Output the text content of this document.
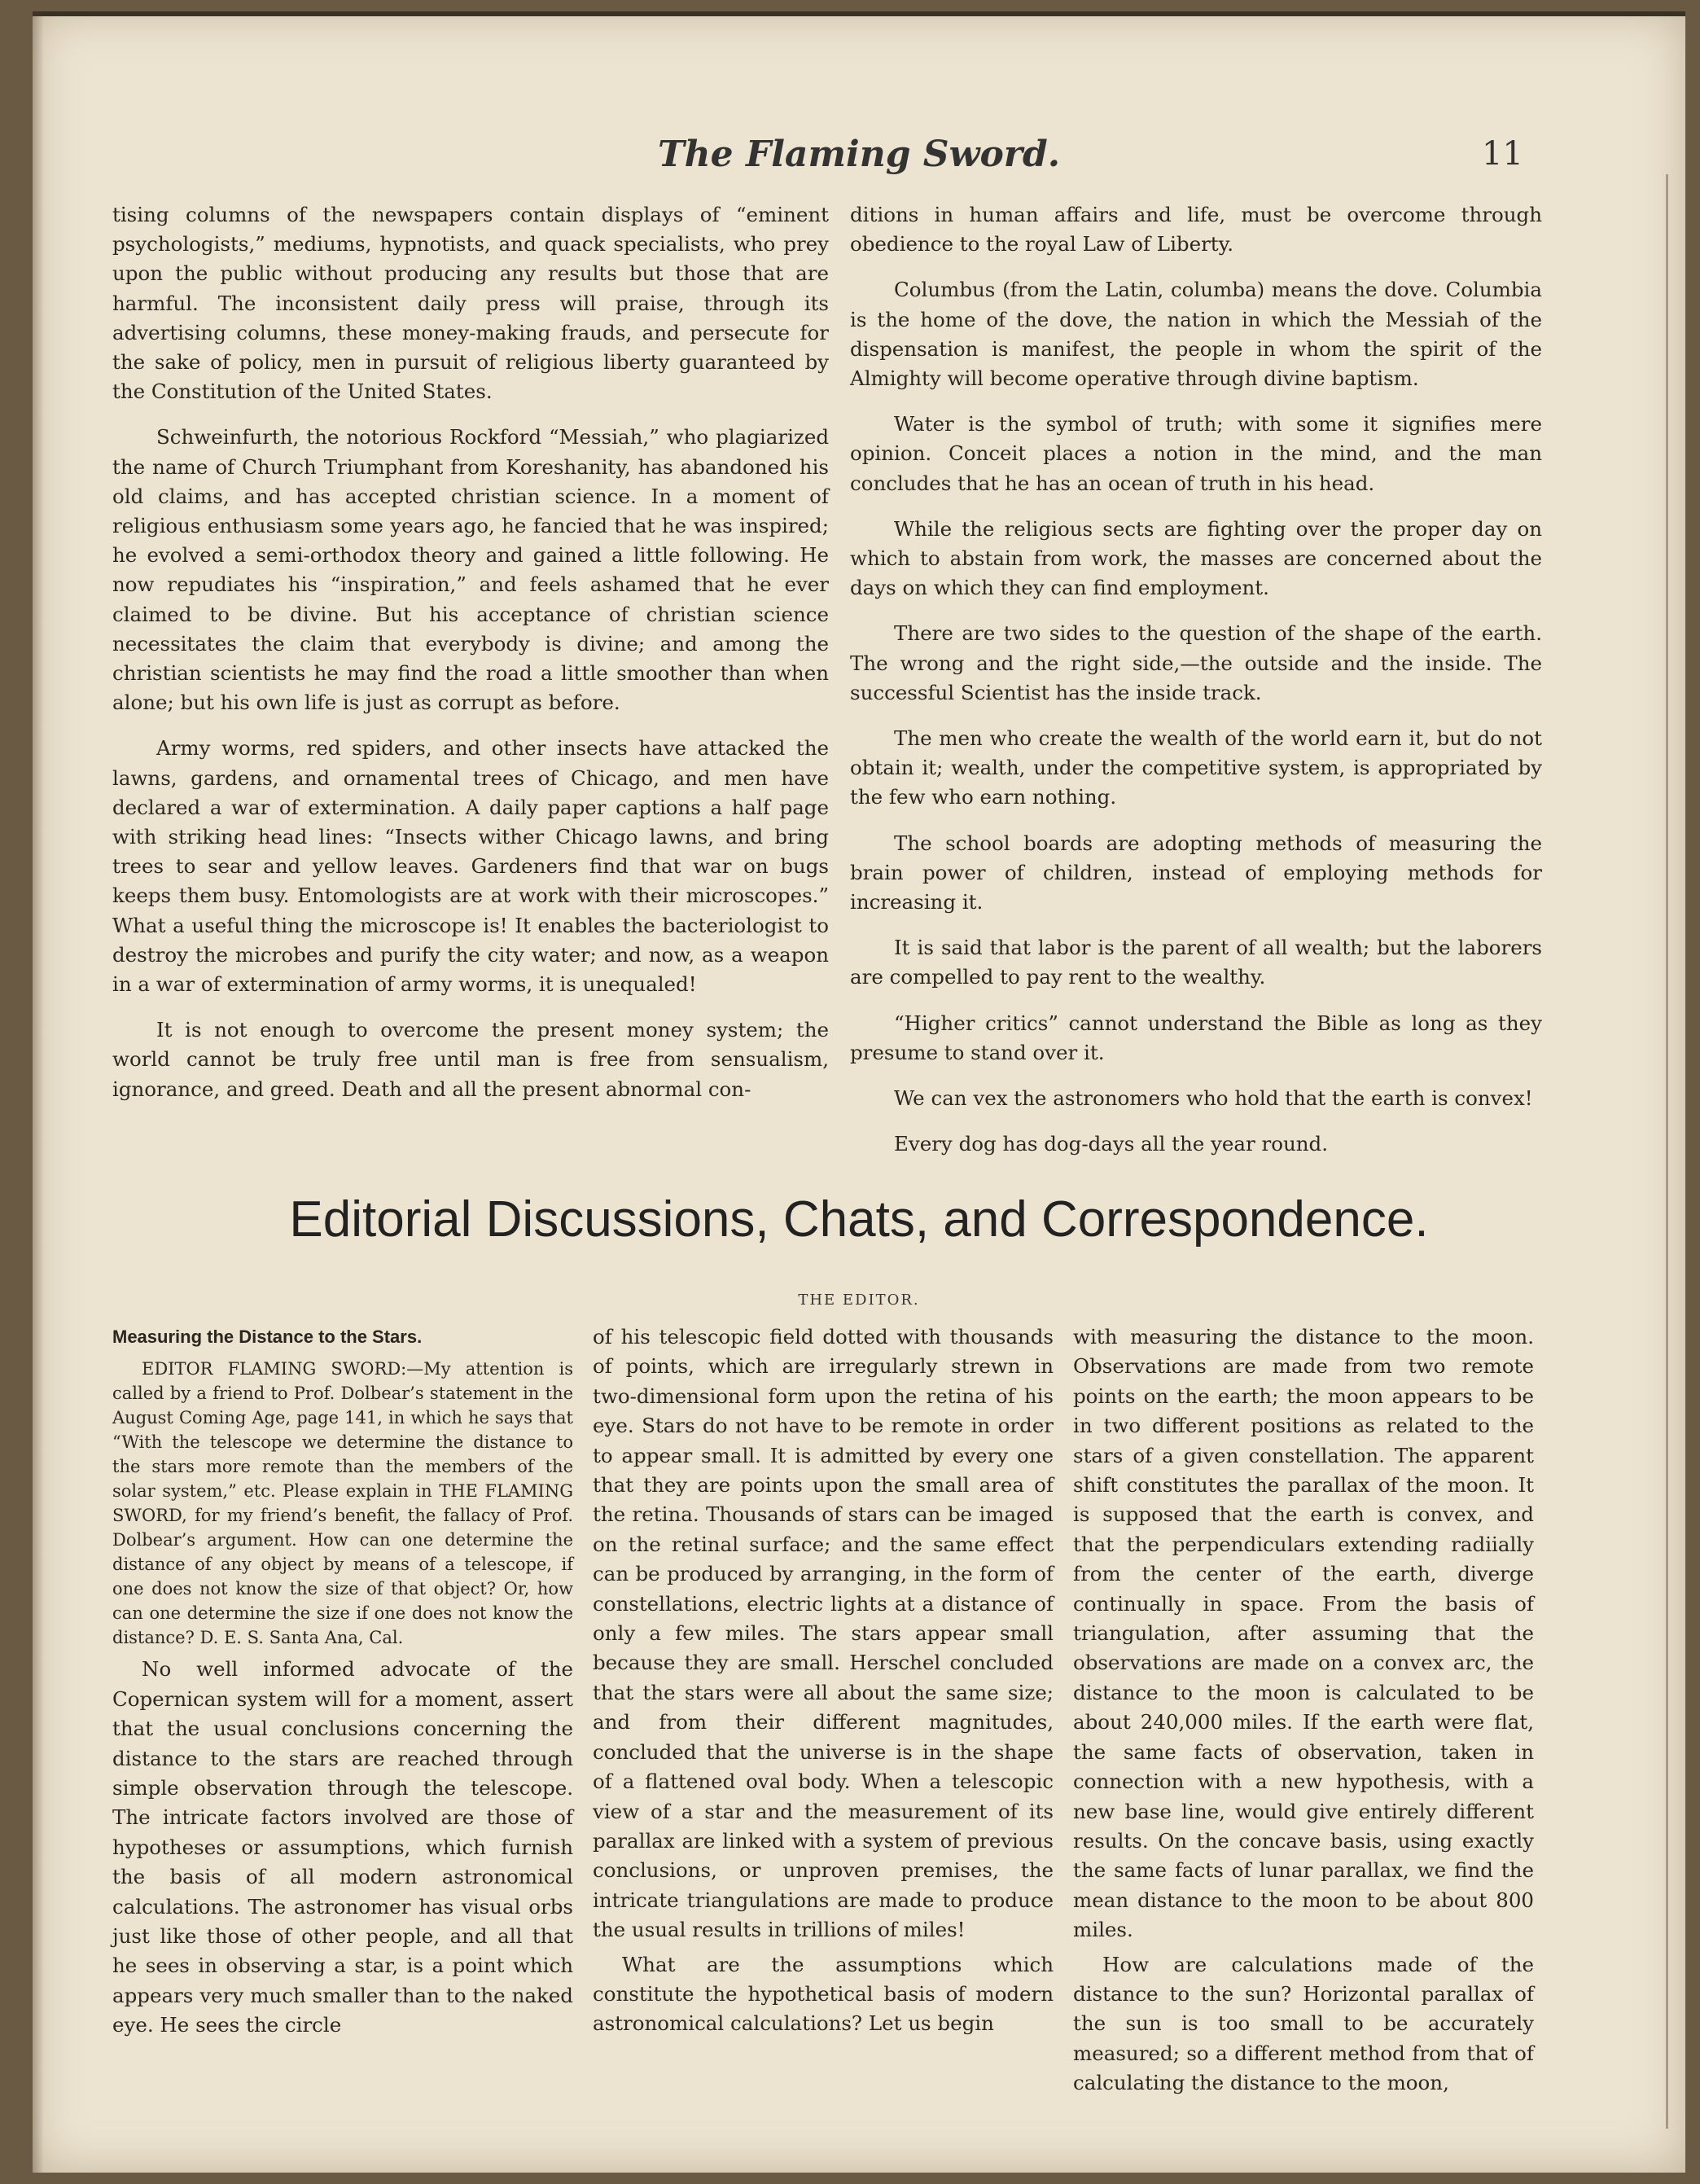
The Flaming Sword.	11

tising columns of the newspapers contain displays of “eminent psychologists,” mediums, hypnotists, and quack specialists, who prey upon the public without producing any results but those that are harmful. The inconsistent daily press will praise, through its advertising columns, these money-making frauds, and persecute for the sake of policy, men in pursuit of religious liberty guaranteed by the Constitution of the United States.

Schweinfurth, the notorious Rockford “Messiah,” who plagiarized the name of Church Triumphant from Koreshanity, has abandoned his old claims, and has accepted christian science. In a moment of religious enthusiasm some years ago, he fancied that he was inspired; he evolved a semi-orthodox theory and gained a little following. He now repudiates his “inspiration,” and feels ashamed that he ever claimed to be divine. But his acceptance of christian science necessitates the claim that everybody is divine; and among the christian scientists he may find the road a little smoother than when alone; but his own life is just as corrupt as before.

Army worms, red spiders, and other insects have attacked the lawns, gardens, and ornamental trees of Chicago, and men have declared a war of extermination. A daily paper captions a half page with striking head lines: “Insects wither Chicago lawns, and bring trees to sear and yellow leaves. Gardeners find that war on bugs keeps them busy. Entomologists are at work with their microscopes.” What a useful thing the microscope is! It enables the bacteriologist to destroy the microbes and purify the city water; and now, as a weapon in a war of extermination of army worms, it is unequaled!

It is not enough to overcome the present money system; the world cannot be truly free until man is free from sensualism, ignorance, and greed. Death and all the present abnormal con-

ditions in human affairs and life, must be overcome through obedience to the royal Law of Liberty.

Columbus (from the Latin, columba) means the dove. Columbia is the home of the dove, the nation in which the Messiah of the dispensation is manifest, the people in whom the spirit of the Almighty will become operative through divine baptism.

Water is the symbol of truth; with some it signifies mere opinion. Conceit places a notion in the mind, and the man concludes that he has an ocean of truth in his head.

While the religious sects are fighting over the proper day on which to abstain from work, the masses are concerned about the days on which they can find employment.

There are two sides to the question of the shape of the earth. The wrong and the right side,—the outside and the inside. The successful Scientist has the inside track.

The men who create the wealth of the world earn it, but do not obtain it; wealth, under the competitive system, is appropriated by the few who earn nothing.

The school boards are adopting methods of measuring the brain power of children, instead of employing methods for increasing it.

It is said that labor is the parent of all wealth; but the laborers are compelled to pay rent to the wealthy.

“Higher critics” cannot understand the Bible as long as they presume to stand over it.

We can vex the astronomers who hold that the earth is convex!

Every dog has dog-days all the year round.

Editorial Discussions, Chats, and Correspondence.
THE EDITOR.
Measuring the Distance to the Stars.

EDITOR FLAMING SWORD:—My attention is called by a friend to Prof. Dolbear’s statement in the August Coming Age, page 141, in which he says that “With the telescope we determine the distance to the stars more remote than the members of the solar system,” etc. Please explain in THE FLAMING SWORD, for my friend’s benefit, the fallacy of Prof. Dolbear’s argument. How can one determine the distance of any object by means of a telescope, if one does not know the size of that object? Or, how can one determine the size if one does not know the distance? D. E. S. Santa Ana, Cal.

No well informed advocate of the Copernican system will for a moment, assert that the usual conclusions concerning the distance to the stars are reached through simple observation through the telescope. The intricate factors involved are those of hypotheses or assumptions, which furnish the basis of all modern astronomical calculations. The astronomer has visual orbs just like those of other people, and all that he sees in observing a star, is a point which appears very much smaller than to the naked eye. He sees the circle

of his telescopic field dotted with thousands of points, which are irregularly strewn in two-dimensional form upon the retina of his eye. Stars do not have to be remote in order to appear small. It is admitted by every one that they are points upon the small area of the retina. Thousands of stars can be imaged on the retinal surface; and the same effect can be produced by arranging, in the form of constellations, electric lights at a distance of only a few miles. The stars appear small because they are small. Herschel concluded that the stars were all about the same size; and from their different magnitudes, concluded that the universe is in the shape of a flattened oval body. When a telescopic view of a star and the measurement of its parallax are linked with a system of previous conclusions, or unproven premises, the intricate triangulations are made to produce the usual results in trillions of miles!

What are the assumptions which constitute the hypothetical basis of modern astronomical calculations? Let us begin

with measuring the distance to the moon. Observations are made from two remote points on the earth; the moon appears to be in two different positions as related to the stars of a given constellation. The apparent shift constitutes the parallax of the moon. It is supposed that the earth is convex, and that the perpendiculars extending radiially from the center of the earth, diverge continually in space. From the basis of triangulation, after assuming that the observations are made on a convex arc, the distance to the moon is calculated to be about 240,000 miles. If the earth were flat, the same facts of observation, taken in connection with a new hypothesis, with a new base line, would give entirely different results. On the concave basis, using exactly the same facts of lunar parallax, we find the mean distance to the moon to be about 800 miles.

How are calculations made of the distance to the sun? Horizontal parallax of the sun is too small to be accurately measured; so a different method from that of calculating the distance to the moon,
